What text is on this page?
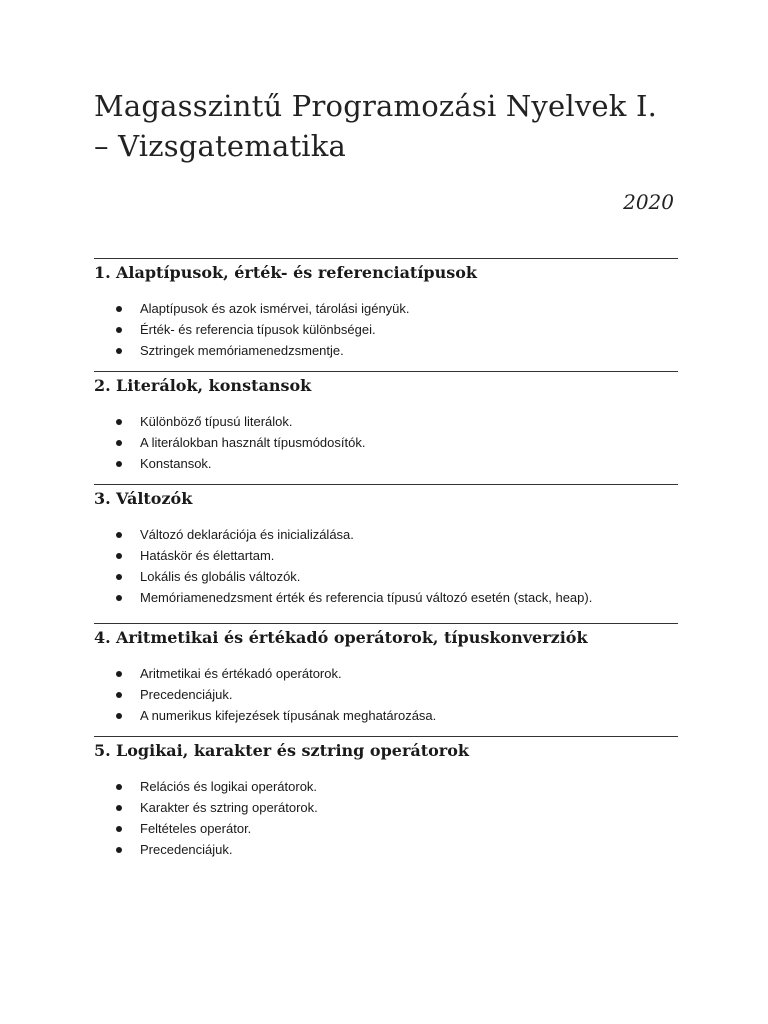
Magasszintű Programozási Nyelvek I. – Vizsgatematika
2020
1. Alaptípusok, érték- és referenciatípusok
Alaptípusok és azok ismérvei, tárolási igényük.
Érték- és referencia típusok különbségei.
Sztringek memóriamenedzsmentje.
2. Literálok, konstansok
Különböző típusú literálok.
A literálokban használt típusmódosítók.
Konstansok.
3. Változók
Változó deklarációja és inicializálása.
Hatáskör és élettartam.
Lokális és globális változók.
Memóriamenedzsment érték és referencia típusú változó esetén (stack, heap).
4. Aritmetikai és értékadó operátorok, típuskonverziók
Aritmetikai és értékadó operátorok.
Precedenciájuk.
A numerikus kifejezések típusának meghatározása.
5. Logikai, karakter és sztring operátorok
Relációs és logikai operátorok.
Karakter és sztring operátorok.
Feltételes operátor.
Precedenciájuk.
